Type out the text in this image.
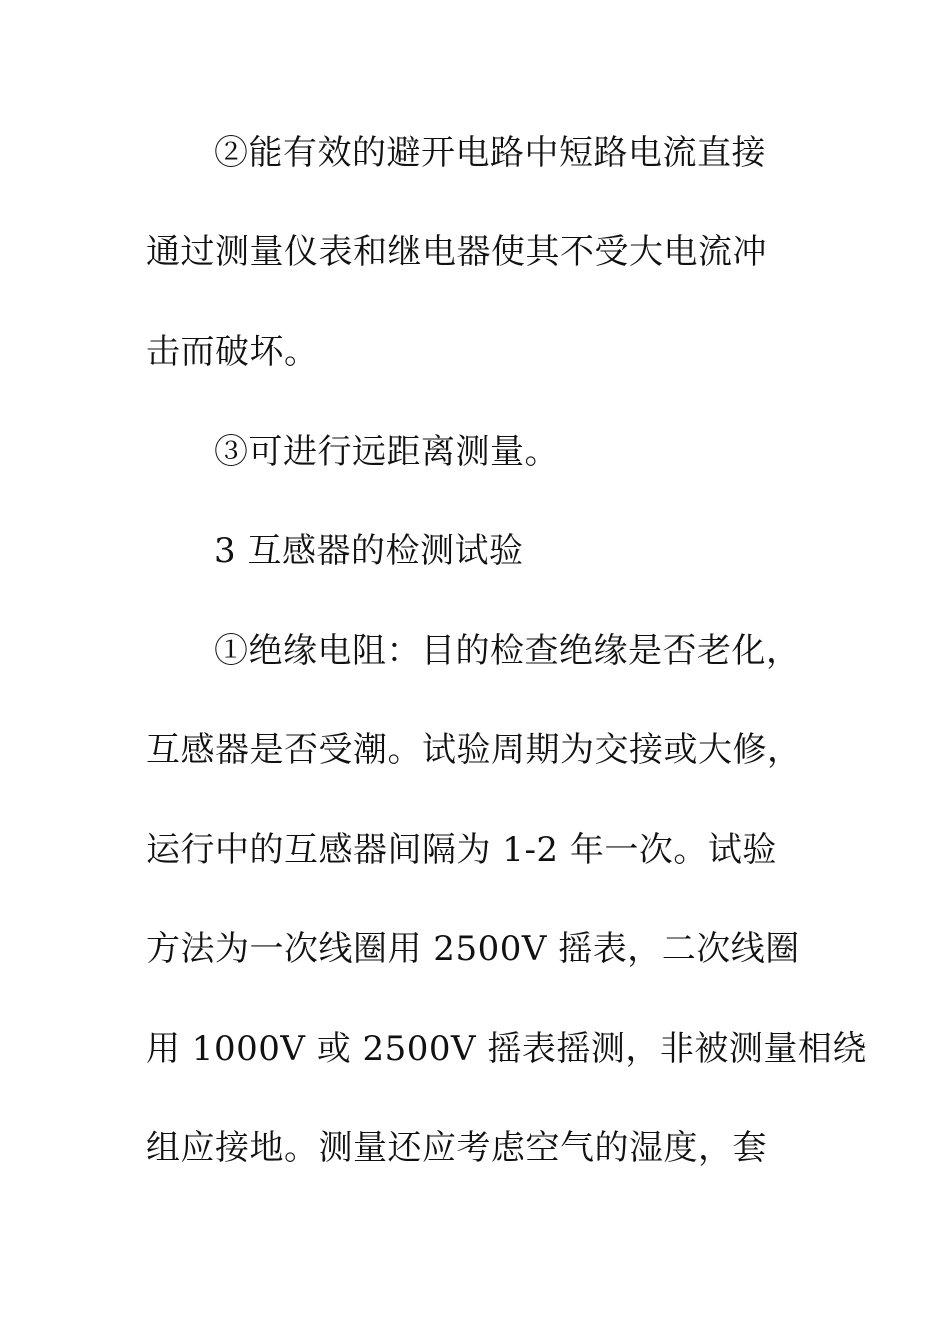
②能有效的避开电路中短路电流直接
通过测量仪表和继电器使其不受大电流冲
击而破坏。
③可进行远距离测量。
3 互感器的检测试验
①绝缘电阻：目的检查绝缘是否老化，
互感器是否受潮。试验周期为交接或大修，
运行中的互感器间隔为 1-2 年一次。试验
方法为一次线圈用 2500V 摇表，二次线圈
用 1000V 或 2500V 摇表摇测，非被测量相绕
组应接地。测量还应考虑空气的湿度，套
